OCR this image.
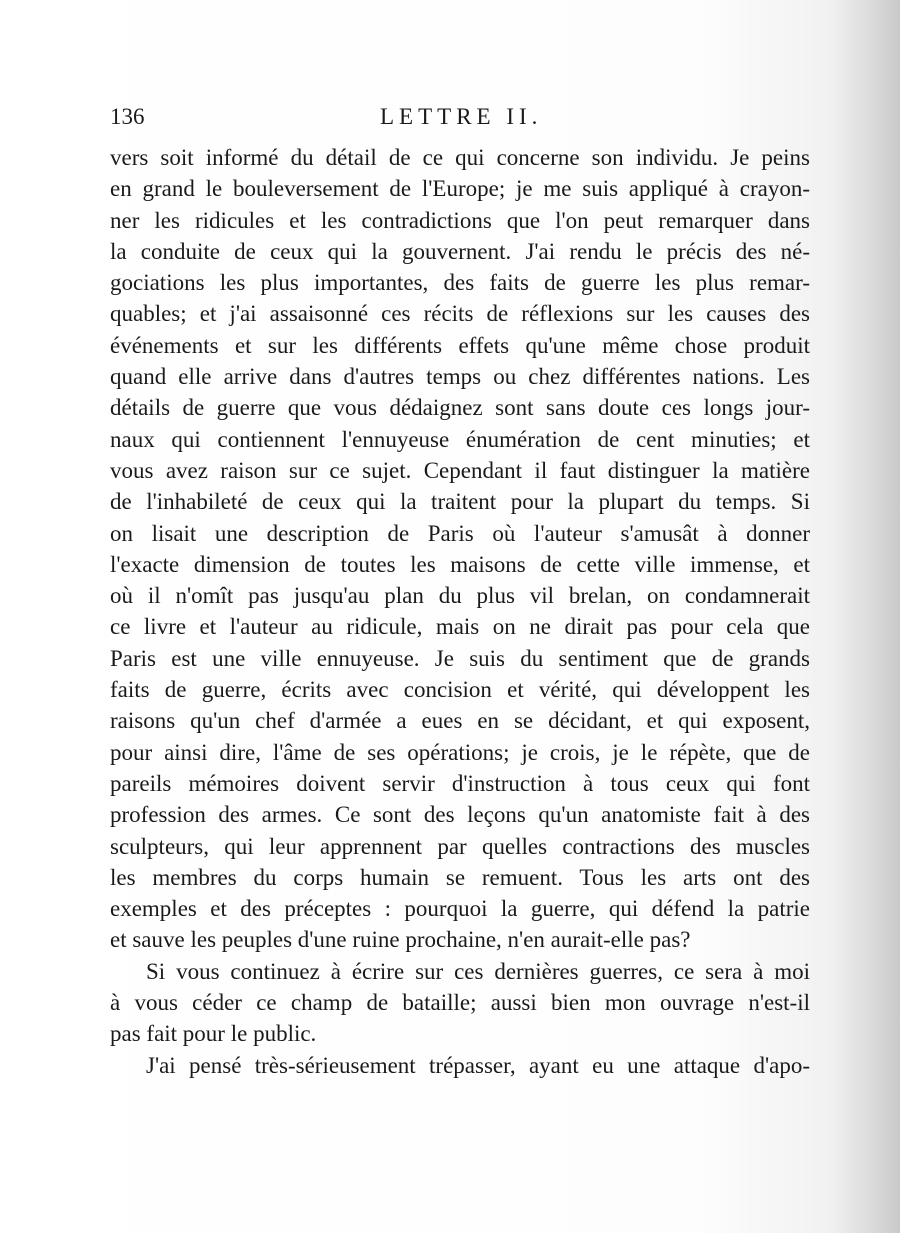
136	LETTRE II.
vers soit informé du détail de ce qui concerne son individu. Je peins
en grand le bouleversement de l'Europe; je me suis appliqué à crayon-
ner les ridicules et les contradictions que l'on peut remarquer dans
la conduite de ceux qui la gouvernent. J'ai rendu le précis des né-
gociations les plus importantes, des faits de guerre les plus remar-
quables; et j'ai assaisonné ces récits de réflexions sur les causes des
événements et sur les différents effets qu'une même chose produit
quand elle arrive dans d'autres temps ou chez différentes nations. Les
détails de guerre que vous dédaignez sont sans doute ces longs jour-
naux qui contiennent l'ennuyeuse énumération de cent minuties; et
vous avez raison sur ce sujet. Cependant il faut distinguer la matière
de l'inhabileté de ceux qui la traitent pour la plupart du temps. Si
on lisait une description de Paris où l'auteur s'amusât à donner
l'exacte dimension de toutes les maisons de cette ville immense, et
où il n'omît pas jusqu'au plan du plus vil brelan, on condamnerait
ce livre et l'auteur au ridicule, mais on ne dirait pas pour cela que
Paris est une ville ennuyeuse. Je suis du sentiment que de grands
faits de guerre, écrits avec concision et vérité, qui développent les
raisons qu'un chef d'armée a eues en se décidant, et qui exposent,
pour ainsi dire, l'âme de ses opérations; je crois, je le répète, que de
pareils mémoires doivent servir d'instruction à tous ceux qui font
profession des armes. Ce sont des leçons qu'un anatomiste fait à des
sculpteurs, qui leur apprennent par quelles contractions des muscles
les membres du corps humain se remuent. Tous les arts ont des
exemples et des préceptes : pourquoi la guerre, qui défend la patrie
et sauve les peuples d'une ruine prochaine, n'en aurait-elle pas?
Si vous continuez à écrire sur ces dernières guerres, ce sera à moi
à vous céder ce champ de bataille; aussi bien mon ouvrage n'est-il
pas fait pour le public.
J'ai pensé très-sérieusement trépasser, ayant eu une attaque d'apo-
